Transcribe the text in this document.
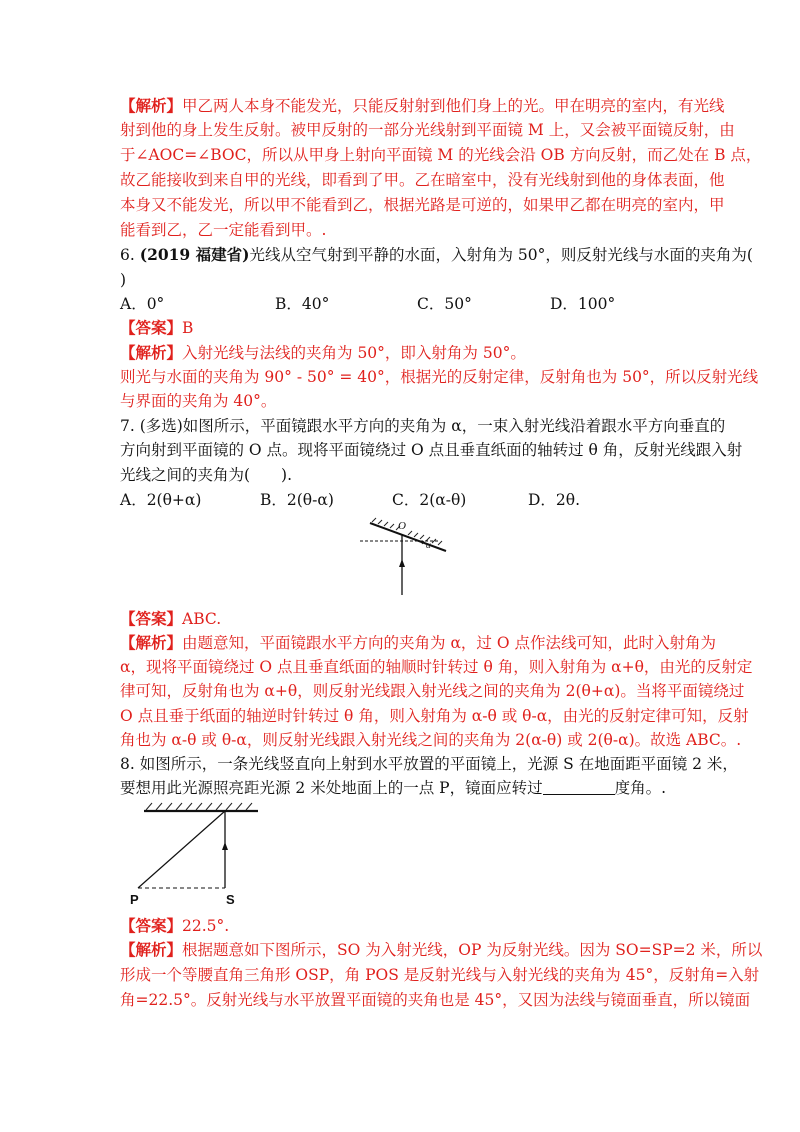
【解析】甲乙两人本身不能发光，只能反射射到他们身上的光。甲在明亮的室内，有光线
射到他的身上发生反射。被甲反射的一部分光线射到平面镜 M 上，又会被平面镜反射，由
于∠AOC=∠BOC，所以从甲身上射向平面镜 M 的光线会沿 OB 方向反射，而乙处在 B 点，
故乙能接收到来自甲的光线，即看到了甲。乙在暗室中，没有光线射到他的身体表面，他
本身又不能发光，所以甲不能看到乙，根据光路是可逆的，如果甲乙都在明亮的室内，甲
能看到乙，乙一定能看到甲。.
6. (2019 福建省)光线从空气射到平静的水面，入射角为 50°，则反射光线与水面的夹角为(
)
A．0°	B．40°	C．50°	D．100°
【答案】B
【解析】入射光线与法线的夹角为 50°，即入射角为 50°。
则光与水面的夹角为 90° - 50° = 40°，根据光的反射定律，反射角也为 50°，所以反射光线
与界面的夹角为 40°。
7. (多选)如图所示，平面镜跟水平方向的夹角为 α，一束入射光线沿着跟水平方向垂直的
方向射到平面镜的 O 点。现将平面镜绕过 O 点且垂直纸面的轴转过 θ 角，反射光线跟入射
光线之间的夹角为(　　).
A．2(θ+α)	B．2(θ-α)	C．2(α-θ)	D．2θ.
O
α
【答案】ABC.
【解析】由题意知，平面镜跟水平方向的夹角为 α，过 O 点作法线可知，此时入射角为
α，现将平面镜绕过 O 点且垂直纸面的轴顺时针转过 θ 角，则入射角为 α+θ，由光的反射定
律可知，反射角也为 α+θ，则反射光线跟入射光线之间的夹角为 2(θ+α)。当将平面镜绕过
O 点且垂于纸面的轴逆时针转过 θ 角，则入射角为 α-θ 或 θ-α，由光的反射定律可知，反射
角也为 α-θ 或 θ-α，则反射光线跟入射光线之间的夹角为 2(α-θ) 或 2(θ-α)。故选 ABC。.
8. 如图所示，一条光线竖直向上射到水平放置的平面镜上，光源 S 在地面距平面镜 2 米，
要想用此光源照亮距光源 2 米处地面上的一点 P，镜面应转过	度角。.
P	S
【答案】22.5°.
【解析】根据题意如下图所示，SO 为入射光线，OP 为反射光线。因为 SO=SP=2 米，所以
形成一个等腰直角三角形 OSP，角 POS 是反射光线与入射光线的夹角为 45°，反射角=入射
角=22.5°。反射光线与水平放置平面镜的夹角也是 45°，又因为法线与镜面垂直，所以镜面
